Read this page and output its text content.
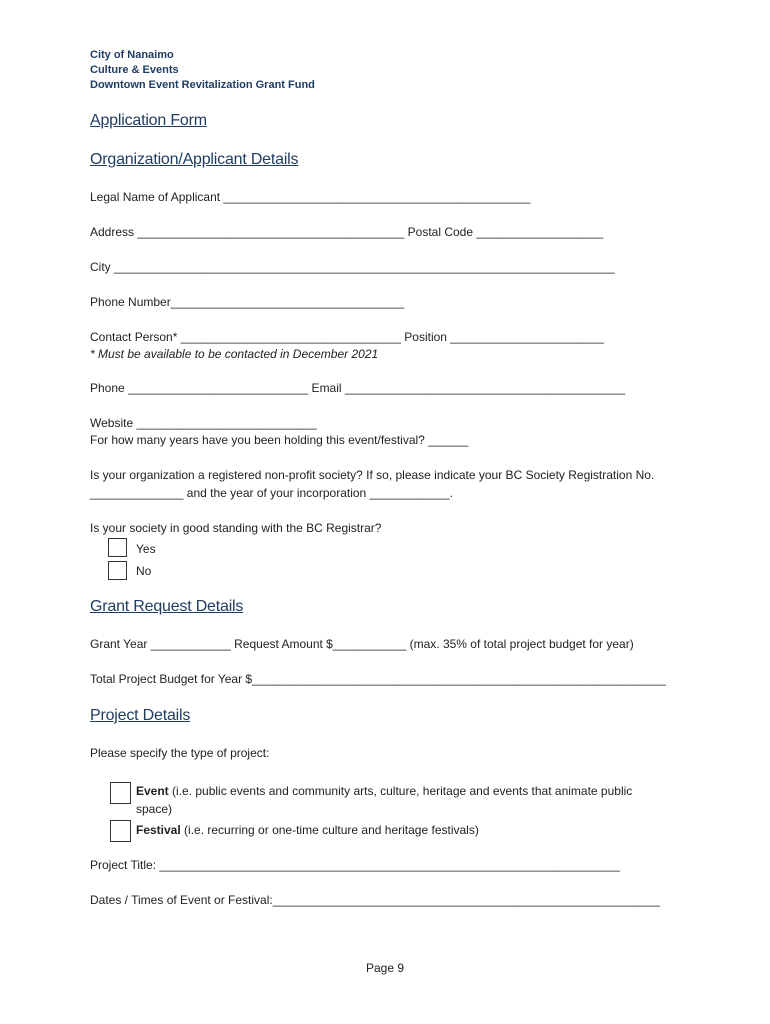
City of Nanaimo
Culture & Events
Downtown Event Revitalization Grant Fund
Application Form
Organization/Applicant Details
Legal Name of Applicant ______________________________________________
Address ________________________________________ Postal Code ___________________
City ___________________________________________________________________________
Phone Number___________________________________
Contact Person* _________________________________ Position _______________________
* Must be available to be contacted in December 2021
Phone ___________________________ Email __________________________________________
Website ___________________________
For how many years have you been holding this event/festival? ______
Is your organization a registered non-profit society? If so, please indicate your BC Society Registration No.
______________ and the year of your incorporation ____________.
Is your society in good standing with the BC Registrar?
Yes
No
Grant Request Details
Grant Year ____________ Request Amount $___________ (max. 35% of total project budget for year)
Total Project Budget for Year $______________________________________________________________
Project Details
Please specify the type of project:
Event (i.e. public events and community arts, culture, heritage and events that animate public
space)
Festival (i.e. recurring or one-time culture and heritage festivals)
Project Title: _____________________________________________________________________
Dates / Times of Event or Festival:__________________________________________________________
Page 9
